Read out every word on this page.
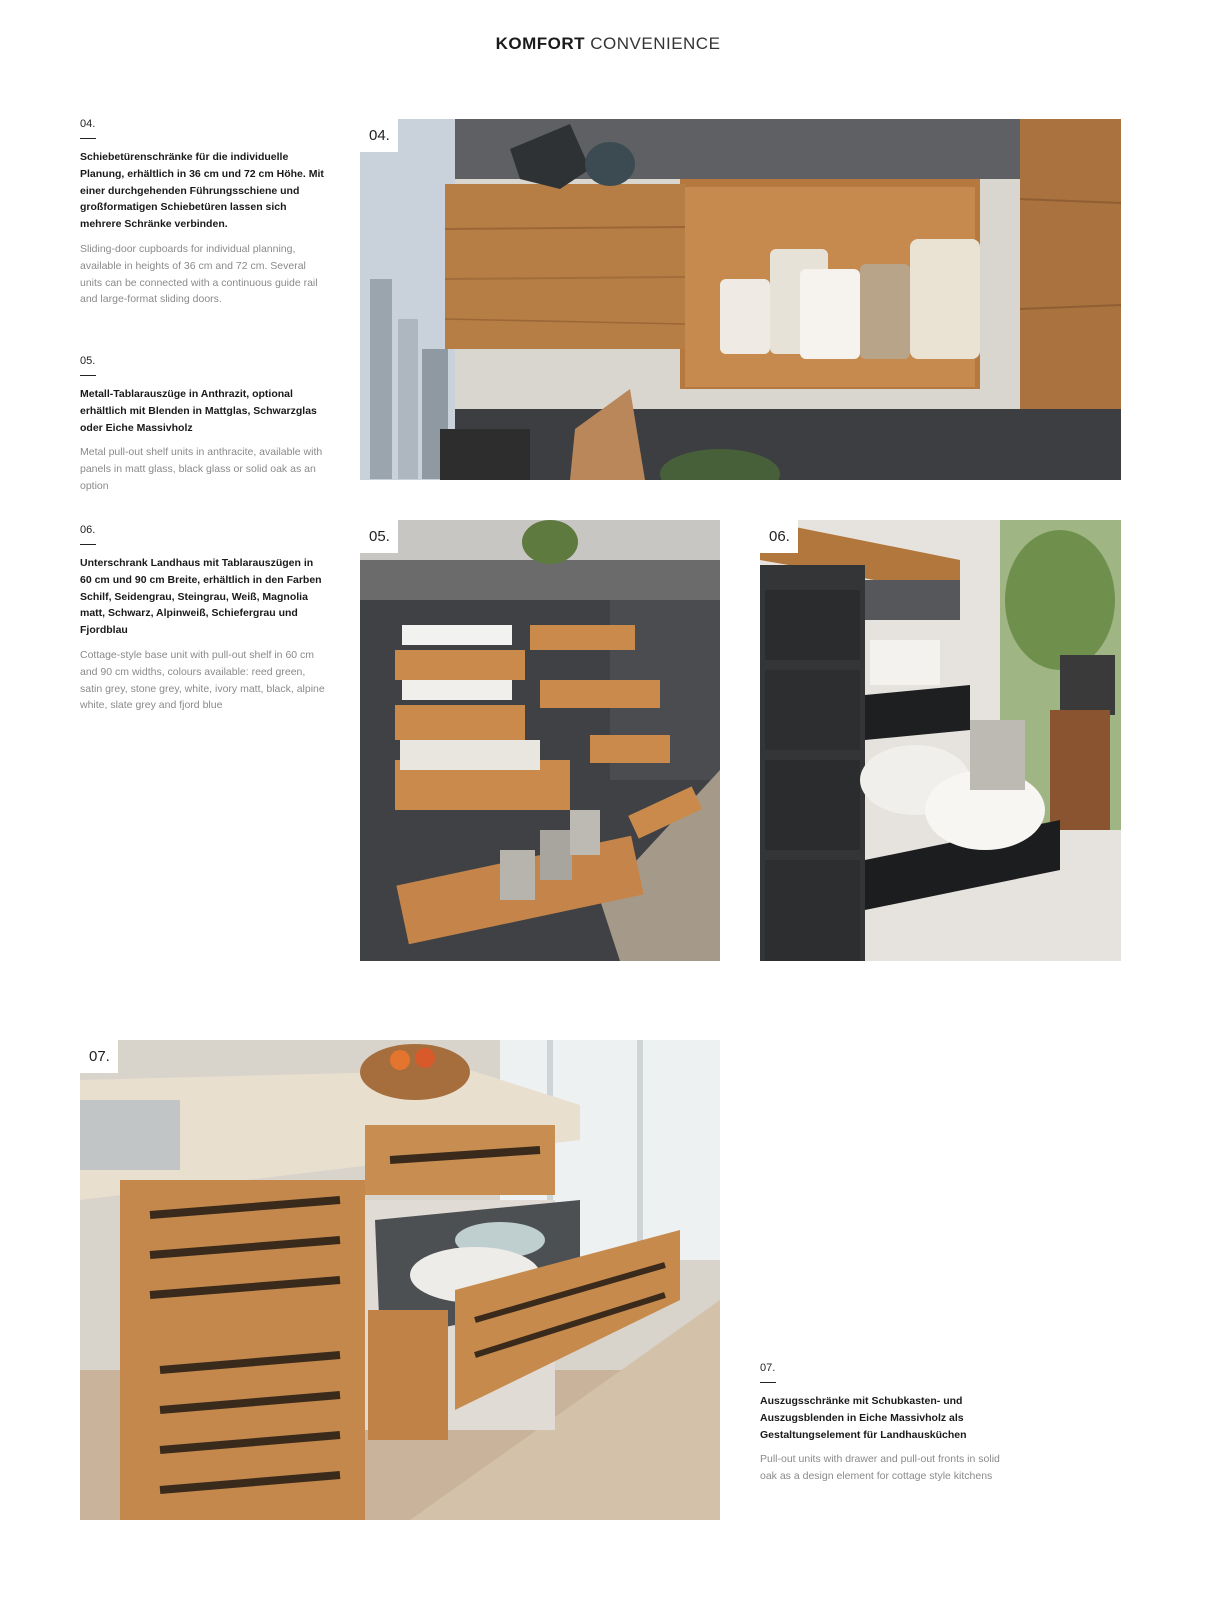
KOMFORT CONVENIENCE
04.
Schiebetürenschränke für die individuelle Planung, erhältlich in 36 cm und 72 cm Höhe. Mit einer durchgehenden Führungsschiene und großformatigen Schiebetüren lassen sich mehrere Schränke verbinden.
Sliding-door cupboards for individual planning, available in heights of 36 cm and 72 cm. Several units can be connected with a continuous guide rail and large-format sliding doors.
05.
Metall-Tablarauszüge in Anthrazit, optional erhältlich mit Blenden in Mattglas, Schwarzglas oder Eiche Massivholz
Metal pull-out shelf units in anthracite, available with panels in matt glass, black glass or solid oak as an option
06.
Unterschrank Landhaus mit Tablarauszügen in 60 cm und 90 cm Breite, erhältlich in den Farben Schilf, Seidengrau, Steingrau, Weiß, Magnolia matt, Schwarz, Alpinweiß, Schiefergrau und Fjordblau
Cottage-style base unit with pull-out shelf in 60 cm and 90 cm widths, colours available: reed green, satin grey, stone grey, white, ivory matt, black, alpine white, slate grey and fjord blue
07.
Auszugsschränke mit Schubkasten- und Auszugsblenden in Eiche Massivholz als Gestaltungselement für Landhausküchen
Pull-out units with drawer and pull-out fronts in solid oak as a design element for cottage style kitchens
04.
05.	06.
07.
